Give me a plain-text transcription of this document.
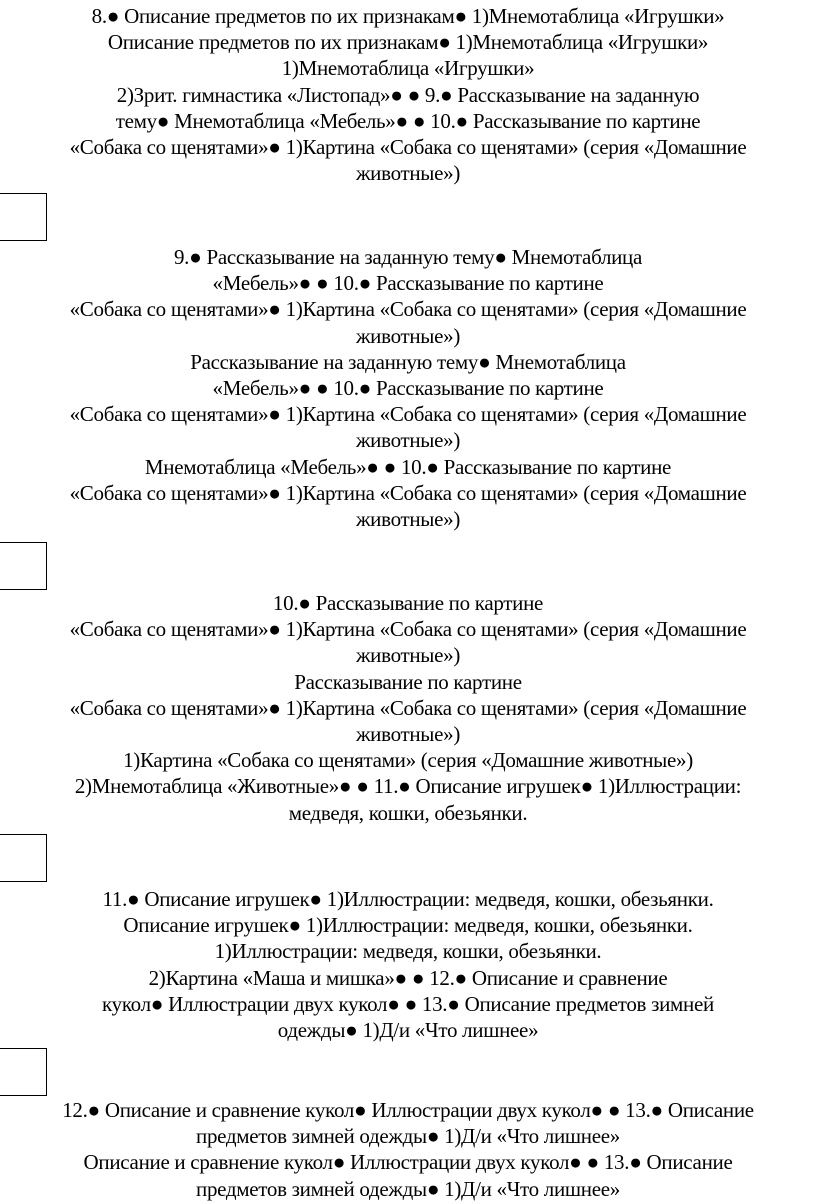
8.● Описание предметов по их признакам● 1)Мнемотаблица «Игрушки»
Описание предметов по их признакам● 1)Мнемотаблица «Игрушки»
1)Мнемотаблица «Игрушки»
2)Зрит. гимнастика «Листопад»● ● 9.● Рассказывание на заданную
тему● Мнемотаблица «Мебель»● ● 10.● Рассказывание по картине
«Собака со щенятами»● 1)Картина «Собака со щенятами» (серия «Домашние
животные»)
9.● Рассказывание на заданную тему● Мнемотаблица
«Мебель»● ● 10.● Рассказывание по картине
«Собака со щенятами»● 1)Картина «Собака со щенятами» (серия «Домашние
животные»)
Рассказывание на заданную тему● Мнемотаблица
«Мебель»● ● 10.● Рассказывание по картине
«Собака со щенятами»● 1)Картина «Собака со щенятами» (серия «Домашние
животные»)
Мнемотаблица «Мебель»● ● 10.● Рассказывание по картине
«Собака со щенятами»● 1)Картина «Собака со щенятами» (серия «Домашние
животные»)
10.● Рассказывание по картине
«Собака со щенятами»● 1)Картина «Собака со щенятами» (серия «Домашние
животные»)
Рассказывание по картине
«Собака со щенятами»● 1)Картина «Собака со щенятами» (серия «Домашние
животные»)
1)Картина «Собака со щенятами» (серия «Домашние животные»)
2)Мнемотаблица «Животные»● ● 11.● Описание игрушек● 1)Иллюстрации:
медведя, кошки, обезьянки.
11.● Описание игрушек● 1)Иллюстрации: медведя, кошки, обезьянки.
Описание игрушек● 1)Иллюстрации: медведя, кошки, обезьянки.
1)Иллюстрации: медведя, кошки, обезьянки.
2)Картина «Маша и мишка»● ● 12.● Описание и сравнение
кукол● Иллюстрации двух кукол● ● 13.● Описание предметов зимней
одежды● 1)Д/и «Что лишнее»
12.● Описание и сравнение кукол● Иллюстрации двух кукол● ● 13.● Описание
предметов зимней одежды● 1)Д/и «Что лишнее»
Описание и сравнение кукол● Иллюстрации двух кукол● ● 13.● Описание
предметов зимней одежды● 1)Д/и «Что лишнее»
